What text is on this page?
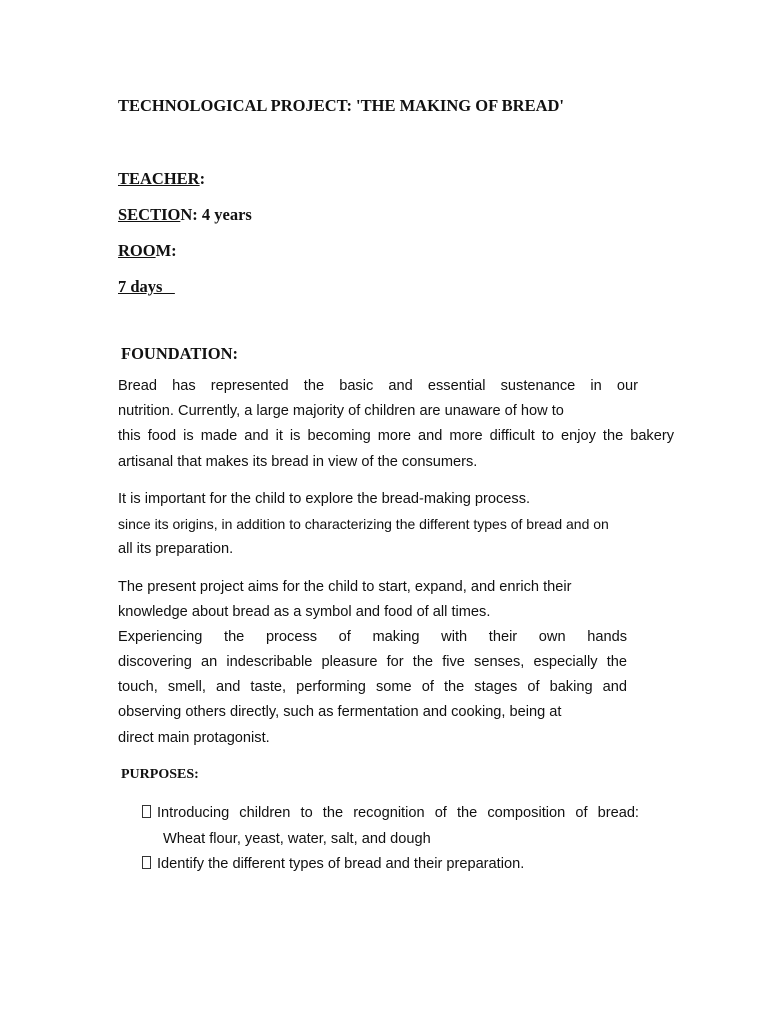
TECHNOLOGICAL PROJECT: 'THE MAKING OF BREAD'
TEACHER:
SECTION: 4 years
ROOM:
7 days
FOUNDATION:
Bread has represented the basic and essential sustenance in our
nutrition. Currently, a large majority of children are unaware of how to
this food is made and it is becoming more and more difficult to enjoy the bakery
artisanal that makes its bread in view of the consumers.
It is important for the child to explore the bread-making process.
since its origins, in addition to characterizing the different types of bread and on
all its preparation.
The present project aims for the child to start, expand, and enrich their
knowledge about bread as a symbol and food of all times.
Experiencing the process of making with their own hands
discovering an indescribable pleasure for the five senses, especially the
touch, smell, and taste, performing some of the stages of baking and
observing others directly, such as fermentation and cooking, being at
direct main protagonist.
PURPOSES:
Introducing children to the recognition of the composition of bread:
Wheat flour, yeast, water, salt, and dough
Identify the different types of bread and their preparation.
